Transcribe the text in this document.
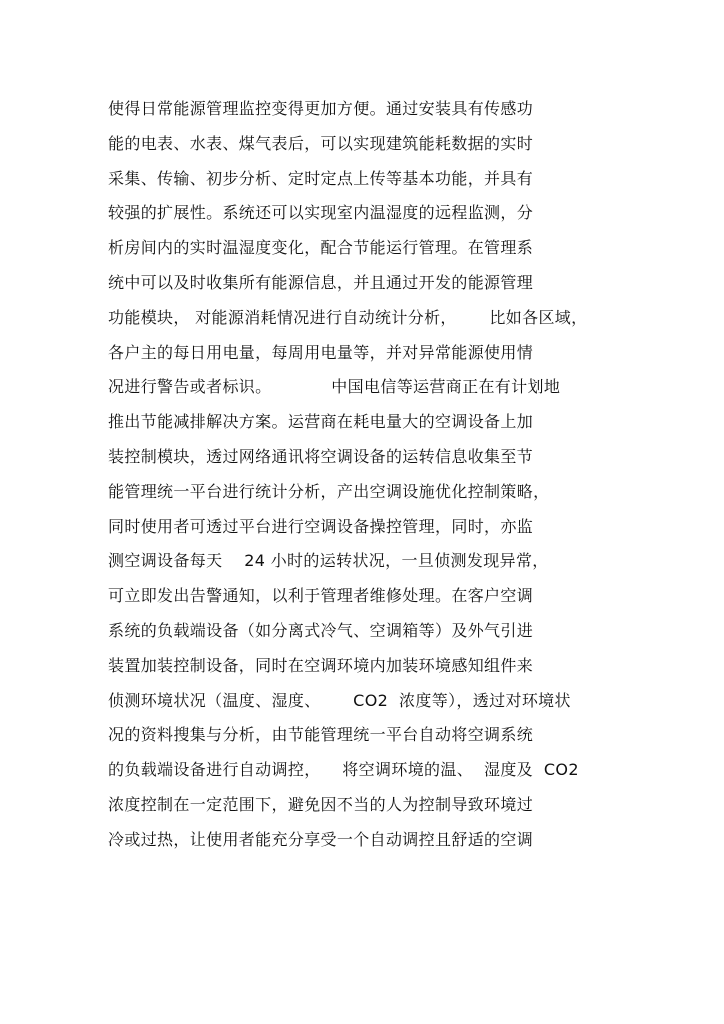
使得日常能源管理监控变得更加方便。通过安装具有传感功
能的电表、水表、煤气表后，可以实现建筑能耗数据的实时
采集、传输、初步分析、定时定点上传等基本功能，并具有
较强的扩展性。系统还可以实现室内温湿度的远程监测，分
析房间内的实时温湿度变化，配合节能运行管理。在管理系
统中可以及时收集所有能源信息，并且通过开发的能源管理
功能模块， 对能源消耗情况进行自动统计分析，      比如各区域，
各户主的每日用电量，每周用电量等，并对异常能源使用情
况进行警告或者标识。           中国电信等运营商正在有计划地
推出节能减排解决方案。运营商在耗电量大的空调设备上加
装控制模块，透过网络通讯将空调设备的运转信息收集至节
能管理统一平台进行统计分析，产出空调设施优化控制策略，
同时使用者可透过平台进行空调设备操控管理，同时，亦监
测空调设备每天    24 小时的运转状况，一旦侦测发现异常，
可立即发出告警通知，以利于管理者维修处理。在客户空调
系统的负载端设备（如分离式冷气、空调箱等）及外气引进
装置加装控制设备，同时在空调环境内加装环境感知组件来
侦测环境状况（温度、湿度、      CO2  浓度等），透过对环境状
况的资料搜集与分析，由节能管理统一平台自动将空调系统
的负载端设备进行自动调控，    将空调环境的温、  湿度及  CO2
浓度控制在一定范围下，避免因不当的人为控制导致环境过
冷或过热，让使用者能充分享受一个自动调控且舒适的空调
